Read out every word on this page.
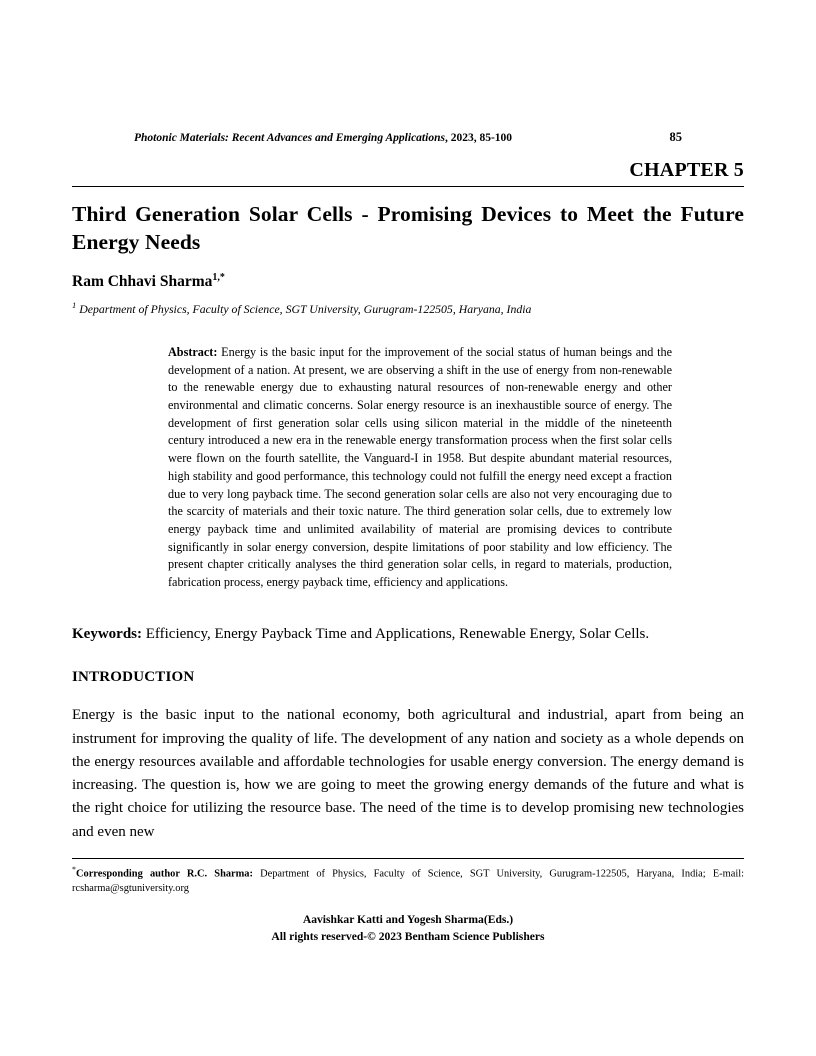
Photonic Materials: Recent Advances and Emerging Applications, 2023, 85-100	85
CHAPTER 5
Third Generation Solar Cells - Promising Devices to Meet the Future Energy Needs
Ram Chhavi Sharma$^{1,*}$
$^1$ Department of Physics, Faculty of Science, SGT University, Gurugram-122505, Haryana, India
Abstract: Energy is the basic input for the improvement of the social status of human beings and the development of a nation. At present, we are observing a shift in the use of energy from non-renewable to the renewable energy due to exhausting natural resources of non-renewable energy and other environmental and climatic concerns. Solar energy resource is an inexhaustible source of energy. The development of first generation solar cells using silicon material in the middle of the nineteenth century introduced a new era in the renewable energy transformation process when the first solar cells were flown on the fourth satellite, the Vanguard-I in 1958. But despite abundant material resources, high stability and good performance, this technology could not fulfill the energy need except a fraction due to very long payback time. The second generation solar cells are also not very encouraging due to the scarcity of materials and their toxic nature. The third generation solar cells, due to extremely low energy payback time and unlimited availability of material are promising devices to contribute significantly in solar energy conversion, despite limitations of poor stability and low efficiency. The present chapter critically analyses the third generation solar cells, in regard to materials, production, fabrication process, energy payback time, efficiency and applications.
Keywords: Efficiency, Energy Payback Time and Applications, Renewable Energy, Solar Cells.
INTRODUCTION

Energy is the basic input to the national economy, both agricultural and industrial, apart from being an instrument for improving the quality of life. The development of any nation and society as a whole depends on the energy resources available and affordable technologies for usable energy conversion. The energy demand is increasing. The question is, how we are going to meet the growing energy demands of the future and what is the right choice for utilizing the resource base. The need of the time is to develop promising new technologies and even new

*Corresponding author R.C. Sharma: Department of Physics, Faculty of Science, SGT University, Gurugram-122505, Haryana, India; E-mail: rcsharma@sgtuniversity.org
Aavishkar Katti and Yogesh Sharma(Eds.)
All rights reserved-© 2023 Bentham Science Publishers
